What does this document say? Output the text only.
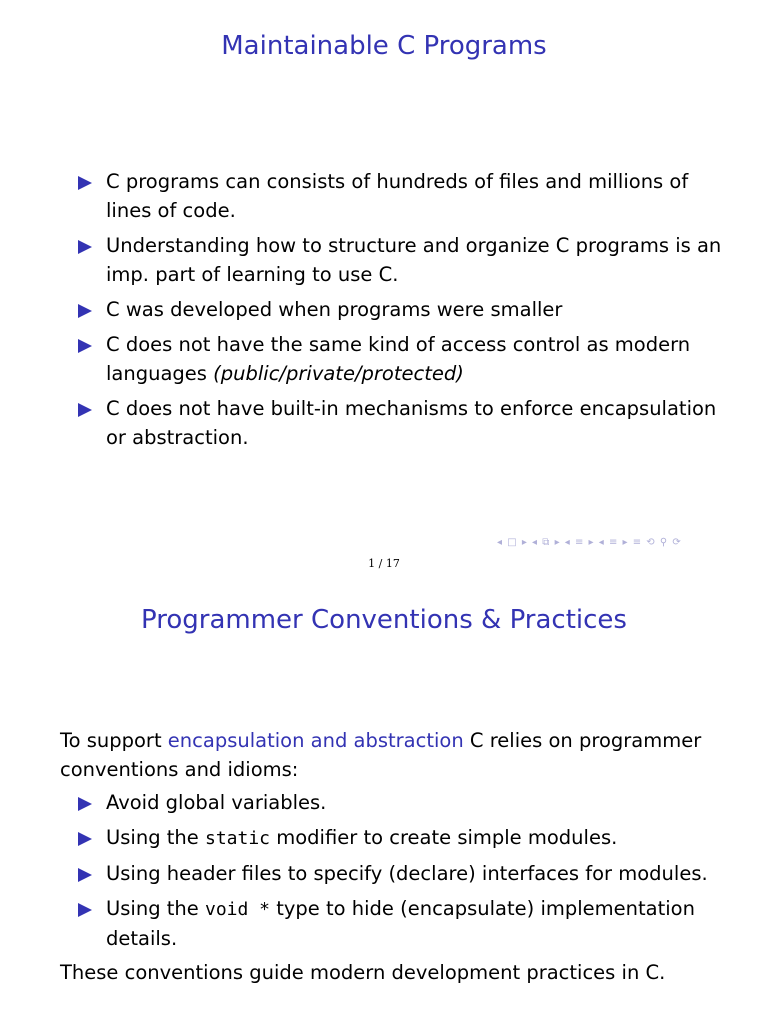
Maintainable C Programs
C programs can consists of hundreds of files and millions of lines of code.
Understanding how to structure and organize C programs is an imp. part of learning to use C.
C was developed when programs were smaller
C does not have the same kind of access control as modern languages (public/private/protected)
C does not have built-in mechanisms to enforce encapsulation or abstraction.
◂ □ ▸ ◂ ⧉ ▸ ◂ ≡ ▸ ◂ ≡ ▸ ≡ ⟲ ⚲ ⟳
1 / 17
Programmer Conventions & Practices
To support encapsulation and abstraction C relies on programmer conventions and idioms:
Avoid global variables.
Using the static modifier to create simple modules.
Using header files to specify (declare) interfaces for modules.
Using the void * type to hide (encapsulate) implementation details.
These conventions guide modern development practices in C.
